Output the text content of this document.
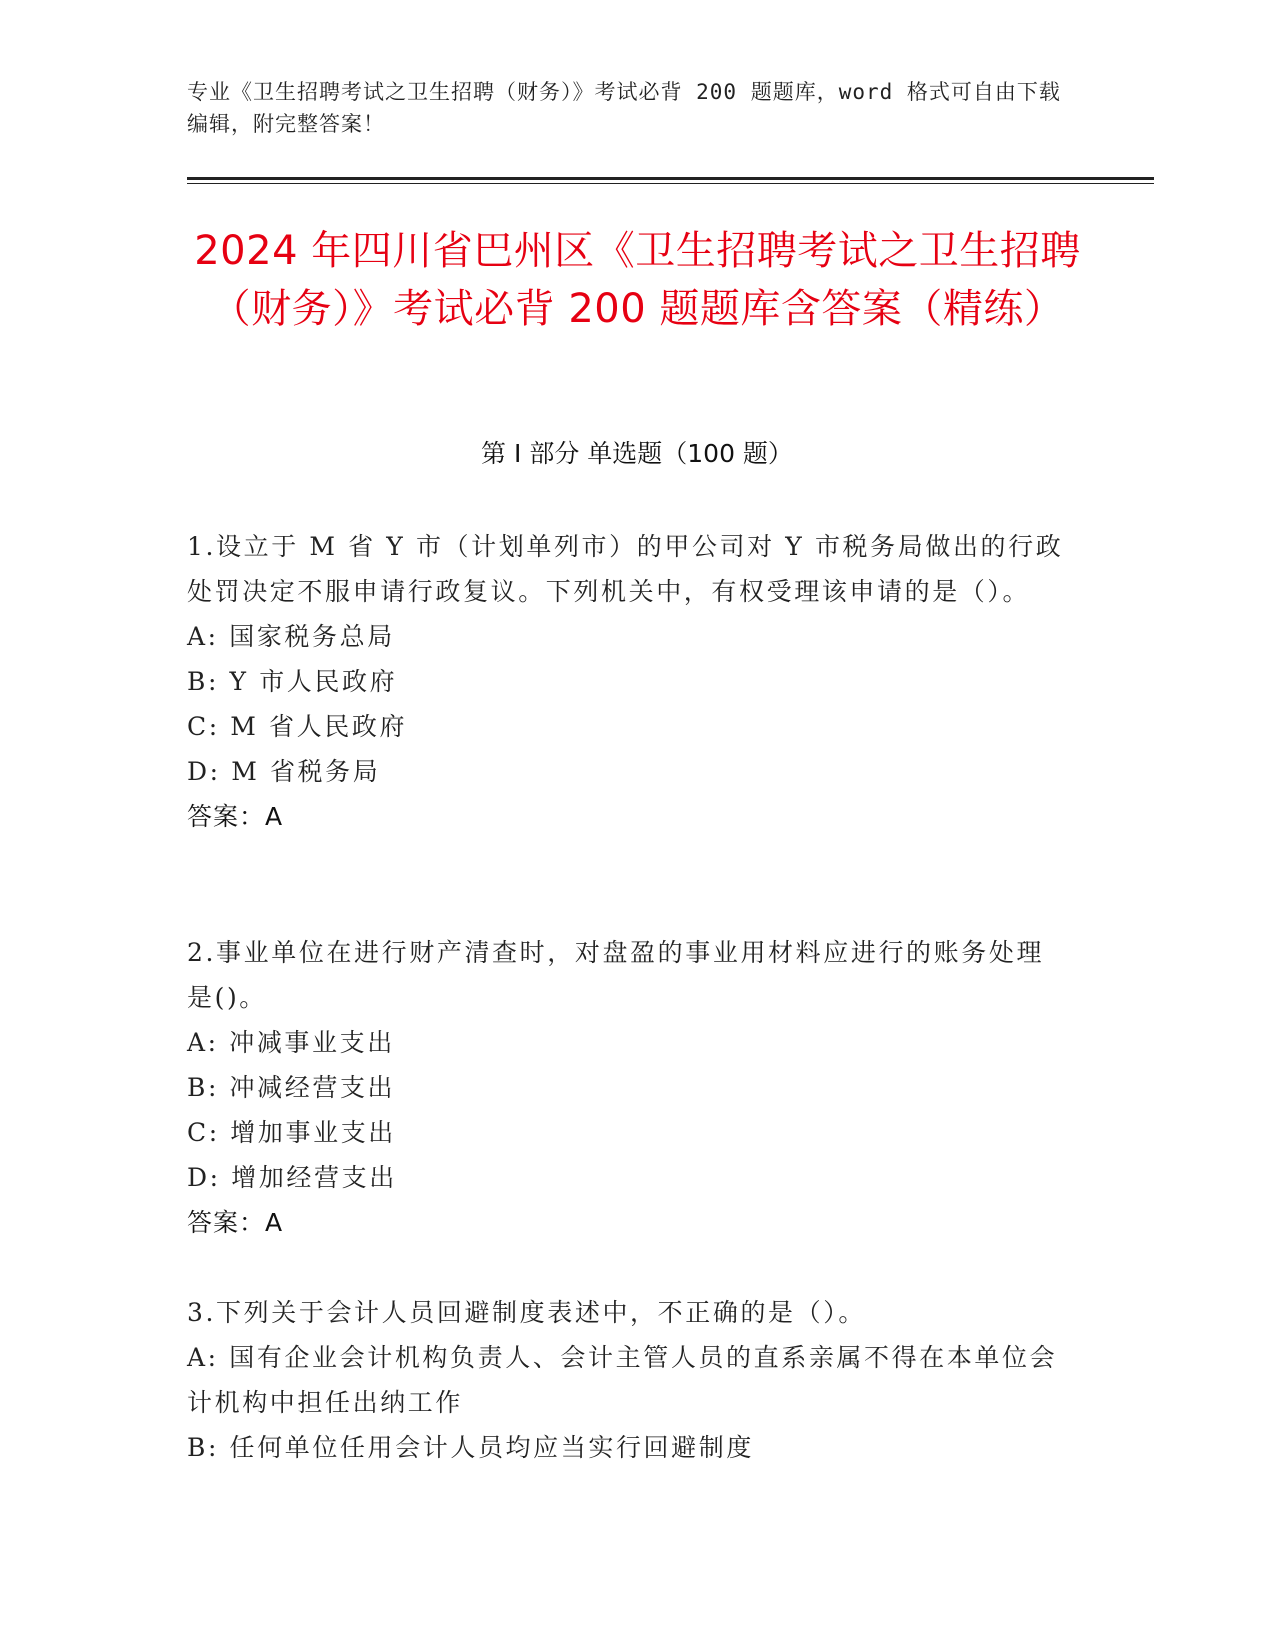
专业《卫生招聘考试之卫生招聘（财务）》考试必背 200 题题库，word 格式可自由下载编辑，附完整答案！
2024 年四川省巴州区《卫生招聘考试之卫生招聘（财务）》考试必背 200 题题库含答案（精练）
第 I 部分 单选题（100 题）
1.设立于 M 省 Y 市（计划单列市）的甲公司对 Y 市税务局做出的行政处罚决定不服申请行政复议。下列机关中，有权受理该申请的是（）。
A: 国家税务总局
B: Y 市人民政府
C: M 省人民政府
D: M 省税务局
答案：A
2.事业单位在进行财产清查时，对盘盈的事业用材料应进行的账务处理是()。
A: 冲减事业支出
B: 冲减经营支出
C: 增加事业支出
D: 增加经营支出
答案：A
3.下列关于会计人员回避制度表述中，不正确的是（）。
A: 国有企业会计机构负责人、会计主管人员的直系亲属不得在本单位会计机构中担任出纳工作
B: 任何单位任用会计人员均应当实行回避制度
